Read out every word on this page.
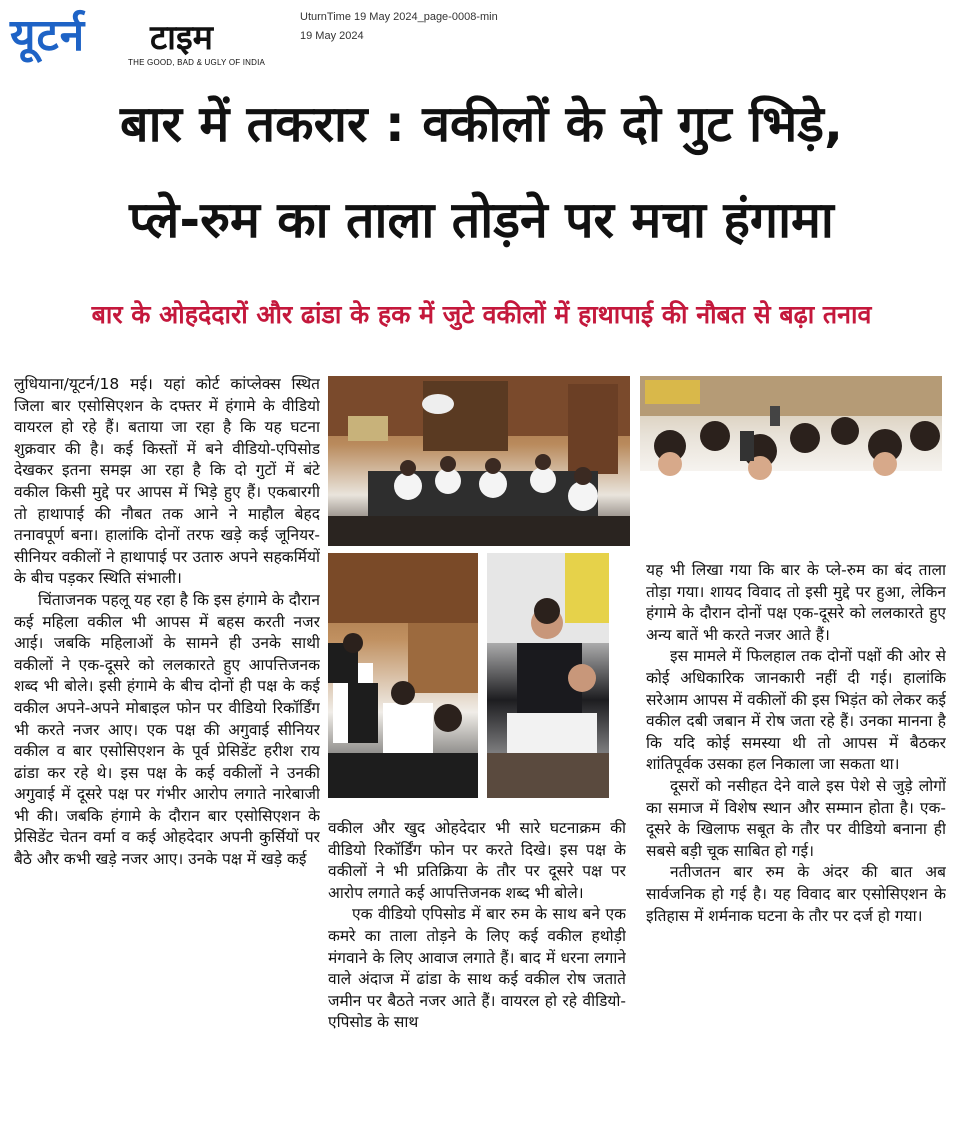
यूटर्न टाइम
THE GOOD, BAD & UGLY OF INDIA
UturnTime 19 May 2024_page-0008-min
19 May 2024
बार में तकरार : वकीलों के दो गुट भिड़े,
प्ले-रुम का ताला तोड़ने पर मचा हंगामा
बार के ओहदेदारों और ढांडा के हक में जुटे वकीलों में हाथापाई की नौबत से बढ़ा तनाव

लुधियाना/यूटर्न/18 मई। यहां कोर्ट कांप्लेक्स स्थित जिला बार एसोसिएशन के दफ्तर में हंगामे के वीडियो वायरल हो रहे हैं। बताया जा रहा है कि यह घटना शुक्रवार की है। कई किस्तों में बने वीडियो-एपिसोड देखकर इतना समझ आ रहा है कि दो गुटों में बंटे वकील किसी मुद्दे पर आपस में भिड़े हुए हैं। एकबारगी तो हाथापाई की नौबत तक आने ने माहौल बेहद तनावपूर्ण बना। हालांकि दोनों तरफ खड़े कई जूनियर-सीनियर वकीलों ने हाथापाई पर उतारु अपने सहकर्मियों के बीच पड़कर स्थिति संभाली।

चिंताजनक पहलू यह रहा है कि इस हंगामे के दौरान कई महिला वकील भी आपस में बहस करती नजर आई। जबकि महिलाओं के सामने ही उनके साथी वकीलों ने एक-दूसरे को ललकारते हुए आपत्तिजनक शब्द भी बोले। इसी हंगामे के बीच दोनों ही पक्ष के कई वकील अपने-अपने मोबाइल फोन पर वीडियो रिकॉर्डिंग भी करते नजर आए। एक पक्ष की अगुवाई सीनियर वकील व बार एसोसिएशन के पूर्व प्रेसिडेंट हरीश राय ढांडा कर रहे थे। इस पक्ष के कई वकीलों ने उनकी अगुवाई में दूसरे पक्ष पर गंभीर आरोप लगाते नारेबाजी भी की। जबकि हंगामे के दौरान बार एसोसिएशन के प्रेसिडेंट चेतन वर्मा व कई ओहदेदार अपनी कुर्सियों पर बैठे और कभी खड़े नजर आए। उनके पक्ष में खड़े कई

वकील और खुद ओहदेदार भी सारे घटनाक्रम की वीडियो रिकॉर्डिंग फोन पर करते दिखे। इस पक्ष के वकीलों ने भी प्रतिक्रिया के तौर पर दूसरे पक्ष पर आरोप लगाते कई आपत्तिजनक शब्द भी बोले।

एक वीडियो एपिसोड में बार रुम के साथ बने एक कमरे का ताला तोड़ने के लिए कई वकील हथोड़ी मंगवाने के लिए आवाज लगाते हैं। बाद में धरना लगाने वाले अंदाज में ढांडा के साथ कई वकील रोष जताते जमीन पर बैठते नजर आते हैं। वायरल हो रहे वीडियो-एपिसोड के साथ

यह भी लिखा गया कि बार के प्ले-रुम का बंद ताला तोड़ा गया। शायद विवाद तो इसी मुद्दे पर हुआ, लेकिन हंगामे के दौरान दोनों पक्ष एक-दूसरे को ललकारते हुए अन्य बातें भी करते नजर आते हैं।

इस मामले में फिलहाल तक दोनों पक्षों की ओर से कोई अधिकारिक जानकारी नहीं दी गई। हालांकि सरेआम आपस में वकीलों की इस भिड़ंत को लेकर कई वकील दबी जबान में रोष जता रहे हैं। उनका मानना है कि यदि कोई समस्या थी तो आपस में बैठकर शांतिपूर्वक उसका हल निकाला जा सकता था।

दूसरों को नसीहत देने वाले इस पेशे से जुड़े लोगों का समाज में विशेष स्थान और सम्मान होता है। एक-दूसरे के खिलाफ सबूत के तौर पर वीडियो बनाना ही सबसे बड़ी चूक साबित हो गई।

नतीजतन बार रुम के अंदर की बात अब सार्वजनिक हो गई है। यह विवाद बार एसोसिएशन के इतिहास में शर्मनाक घटना के तौर पर दर्ज हो गया।
